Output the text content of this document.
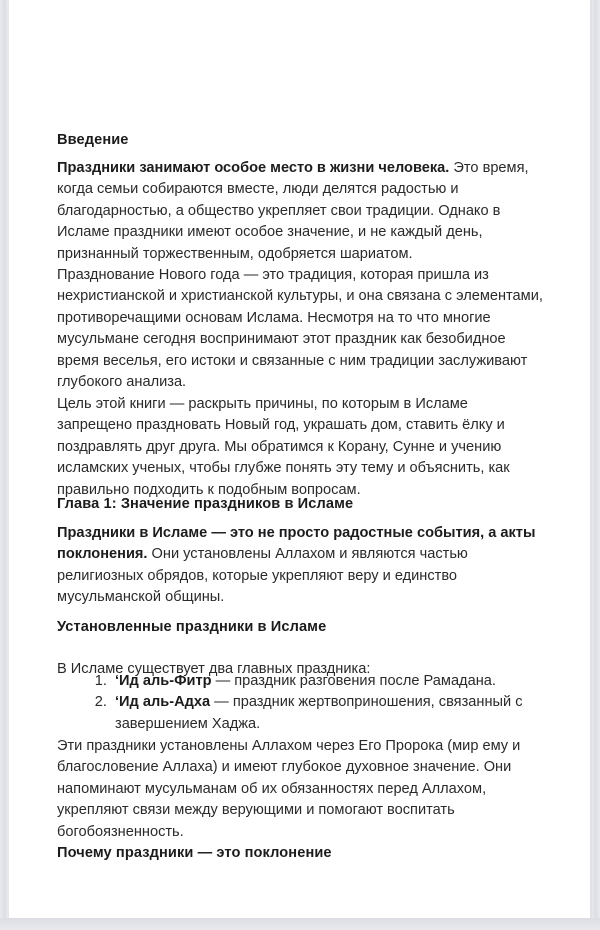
Введение

Праздники занимают особое место в жизни человека. Это время, когда семьи собираются вместе, люди делятся радостью и благодарностью, а общество укрепляет свои традиции. Однако в Исламе праздники имеют особое значение, и не каждый день, признанный торжественным, одобряется шариатом.

Празднование Нового года — это традиция, которая пришла из нехристианской и христианской культуры, и она связана с элементами, противоречащими основам Ислама. Несмотря на то что многие мусульмане сегодня воспринимают этот праздник как безобидное время веселья, его истоки и связанные с ним традиции заслуживают глубокого анализа.

Цель этой книги — раскрыть причины, по которым в Исламе запрещено праздновать Новый год, украшать дом, ставить ёлку и поздравлять друг друга. Мы обратимся к Корану, Сунне и учению исламских ученых, чтобы глубже понять эту тему и объяснить, как правильно подходить к подобным вопросам.

Глава 1: Значение праздников в Исламе

Праздники в Исламе — это не просто радостные события, а акты поклонения. Они установлены Аллахом и являются частью религиозных обрядов, которые укрепляют веру и единство мусульманской общины.

Установленные праздники в Исламе

В Исламе существует два главных праздника:

1. ‘Ид аль-Фитр — праздник разговения после Рамадана.
2. ‘Ид аль-Адха — праздник жертвоприношения, связанный с завершением Хаджа.

Эти праздники установлены Аллахом через Его Пророка (мир ему и благословение Аллаха) и имеют глубокое духовное значение. Они напоминают мусульманам об их обязанностях перед Аллахом, укрепляют связи между верующими и помогают воспитать богобоязненность.

Почему праздники — это поклонение
